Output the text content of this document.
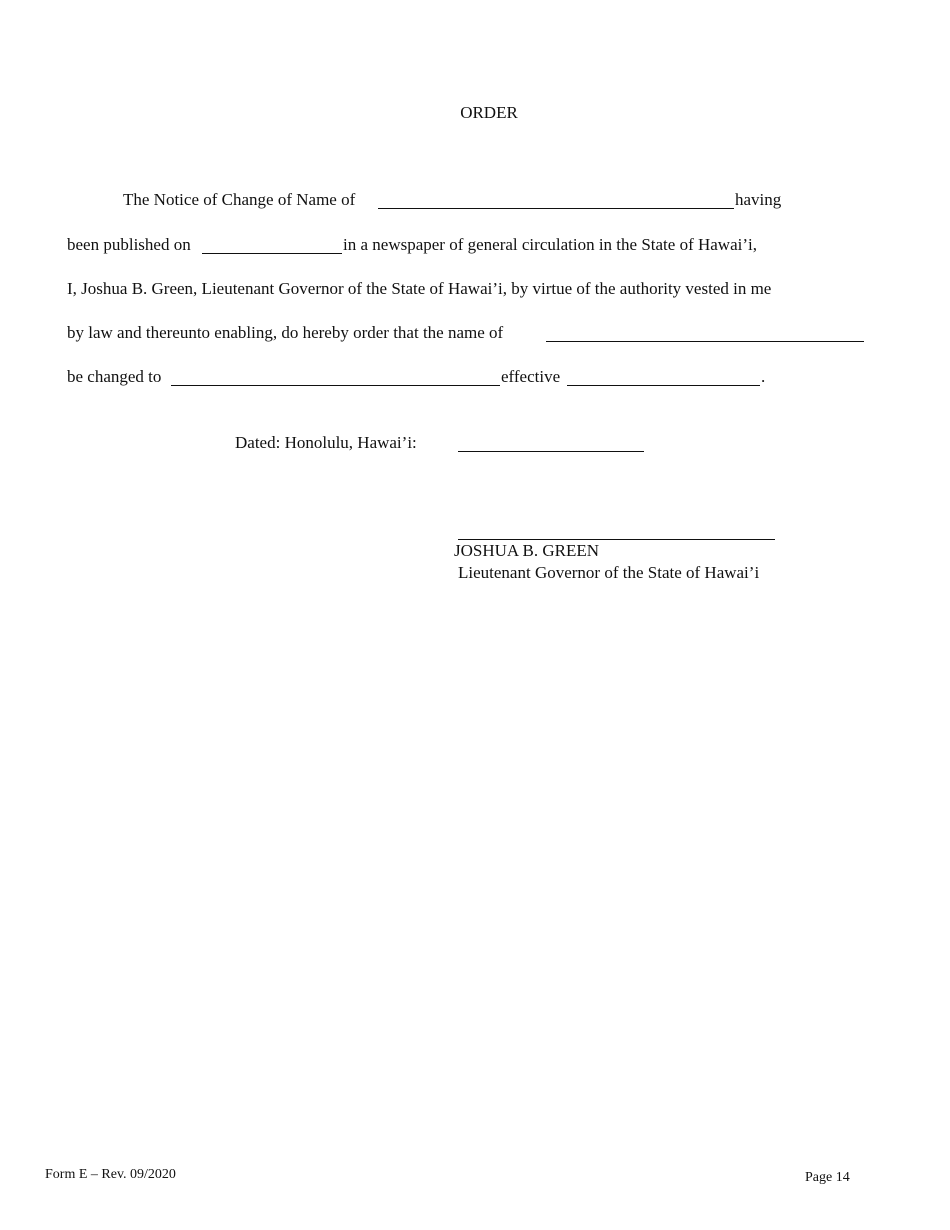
ORDER
The Notice of Change of Name of	having
been published on	in a newspaper of general circulation in the State of Hawai’i,
I, Joshua B. Green, Lieutenant Governor of the State of Hawai’i, by virtue of the authority vested in me
by law and thereunto enabling, do hereby order that the name of
be changed to	effective	.
Dated: Honolulu, Hawai’i:
JOSHUA B. GREEN
Lieutenant Governor of the State of Hawai’i
Form E – Rev. 09/2020	Page 14
